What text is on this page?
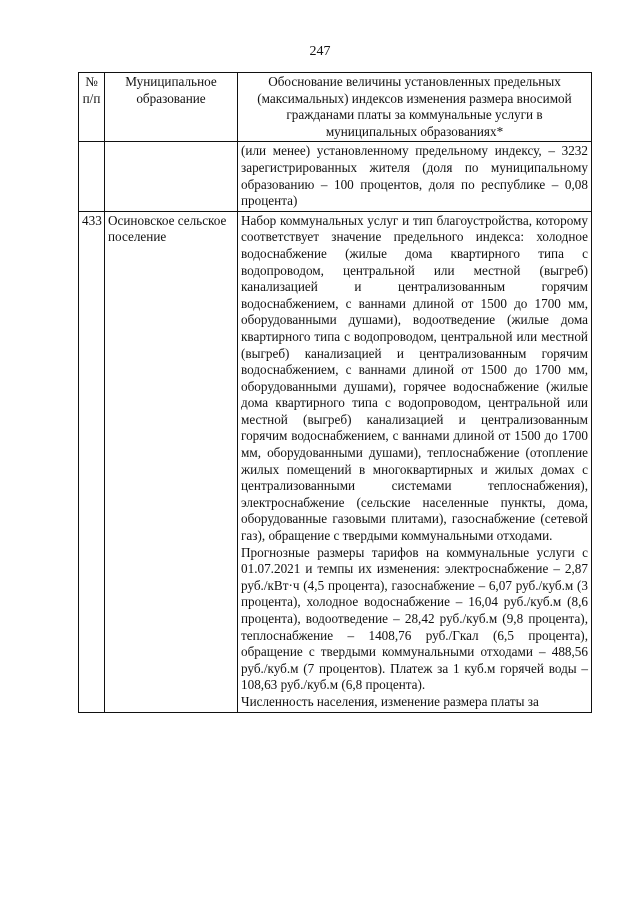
247
№ п/п	Муниципальное образование	Обоснование величины установленных предельных (максимальных) индексов изменения размера вносимой гражданами платы за коммунальные услуги в муниципальных образованиях*
		(или менее) установленному предельному индексу, – 3232 зарегистрированных жителя (доля по муниципальному образованию – 100 процентов, доля по республике – 0,08 процента)
433	Осиновское сельское поселение	Набор коммунальных услуг и тип благоустройства, которому соответствует значение предельного индекса: холодное водоснабжение (жилые дома квартирного типа с водопроводом, центральной или местной (выгреб) канализацией и централизованным горячим водоснабжением, с ваннами длиной от 1500 до 1700 мм, оборудованными душами), водоотведение (жилые дома квартирного типа с водопроводом, центральной или местной (выгреб) канализацией и централизованным горячим водоснабжением, с ваннами длиной от 1500 до 1700 мм, оборудованными душами), горячее водоснабжение (жилые дома квартирного типа с водопроводом, центральной или местной (выгреб) канализацией и централизованным горячим водоснабжением, с ваннами длиной от 1500 до 1700 мм, оборудованными душами), теплоснабжение (отопление жилых помещений в многоквартирных и жилых домах с централизованными системами теплоснабжения), электроснабжение (сельские населенные пункты, дома, оборудованные газовыми плитами), газоснабжение (сетевой газ), обращение с твердыми коммунальными отходами.

Прогнозные размеры тарифов на коммунальные услуги с 01.07.2021 и темпы их изменения: электроснабжение – 2,87 руб./кВт·ч (4,5 процента), газоснабжение – 6,07 руб./куб.м (3 процента), холодное водоснабжение – 16,04 руб./куб.м (8,6 процента), водоотведение – 28,42 руб./куб.м (9,8 процента), теплоснабжение – 1408,76 руб./Гкал (6,5 процента), обращение с твердыми коммунальными отходами – 488,56 руб./куб.м (7 процентов). Платеж за 1 куб.м горячей воды – 108,63 руб./куб.м (6,8 процента).

Численность населения, изменение размера платы за
